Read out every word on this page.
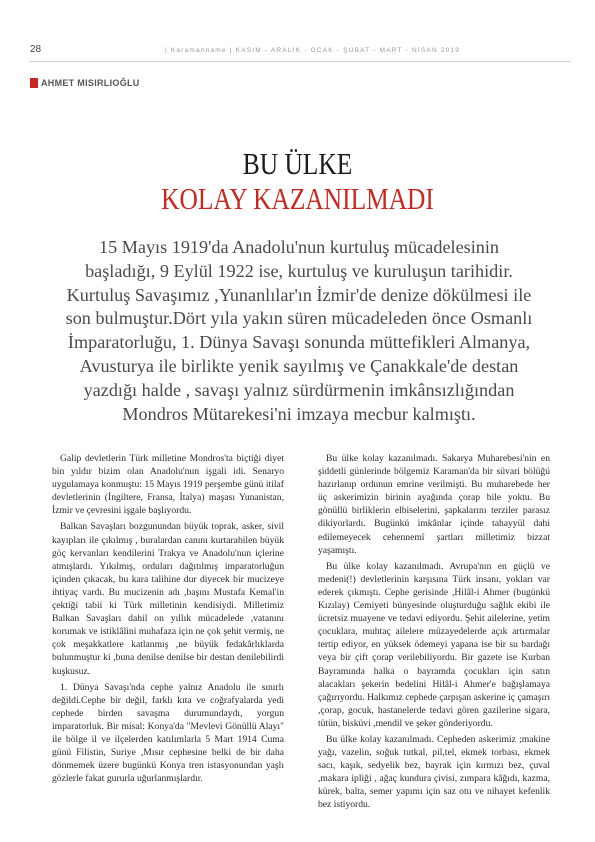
28	| Karamanname | KASIM - ARALIK - OCAK - ŞUBAT - MART - NİSAN 2019
AHMET MISIRLIOĞLU
BU ÜLKE
KOLAY KAZANILMADI

15 Mayıs 1919'da Anadolu'nun kurtuluş mücadelesinin
başladığı, 9 Eylül 1922 ise, kurtuluş ve kuruluşun tarihidir.
Kurtuluş Savaşımız ,Yunanlılar'ın İzmir'de denize dökülmesi ile
son bulmuştur.Dört yıla yakın süren mücadeleden önce Osmanlı
İmparatorluğu, 1. Dünya Savaşı sonunda müttefikleri Almanya,
Avusturya ile birlikte yenik sayılmış ve Çanakkale'de destan
yazdığı halde , savaşı yalnız sürdürmenin imkânsızlığından
Mondros Mütarekesi'ni imzaya mecbur kalmıştı.

Galip devletlerin Türk milletine Mondros'ta biçtiği diyet bin yıldır bizim olan Anadolu'nun işgali idi. Senaryo uygulamaya konmuştu: 15 Mayıs 1919 perşembe günü itilaf devletlerinin (İngiltere, Fransa, İtalya) maşası Yunanistan, İzmir ve çevresini işgale başlıyordu.

Balkan Savaşları bozgunundan büyük toprak, asker, sivil kayıpları ile çıkılmış , buralardan canını kurtarabilen büyük göç kervanları kendilerini Trakya ve Anadolu'nun içlerine atmışlardı. Yıkılmış, orduları dağıtılmış imparatorluğun içinden çıkacak, bu kara talihine dur diyecek bir mucizeye ihtiyaç vardı. Bu mucizenin adı ,başını Mustafa Kemal'in çektiği tabii ki Türk milletinin kendisiydi. Milletimiz Balkan Savaşları dahil on yıllık mücadelede ,vatanını korumak ve istiklâlini muhafaza için ne çok şehit vermiş, ne çok meşakkatlere katlanmış ,ne büyük fedakârlıklarda bulunmuştur ki ,buna denilse denilse bir destan denilebilirdi kuşkusuz.

1. Dünya Savaşı'nda cephe yalnız Anadolu ile sınırlı değildi.Cephe bir değil, farklı kıta ve coğrafyalarda yedi cephede birden savaşma durumundaydı, yorgun imparatorluk. Bir misal: Konya'da "Mevlevi Gönüllü Alayı" ile bölge il ve ilçelerden katılımlarla 5 Mart 1914 Cuma günü Filistin, Suriye ,Mısır cephesine belki de bir daha dönmemek üzere bugünkü Konya tren istasyonundan yaşlı gözlerle fakat gururla uğurlanmışlardır.

Bu ülke kolay kazanılmadı. Sakarya Muharebesi'nin en şiddetli günlerinde bölgemiz Karaman'da bir süvari bölüğü hazırlanıp ordunun emrine verilmişti. Bu muharebede her üç askerimizin birinin ayağında çorap bile yoktu. Bu gönüllü birliklerin elbiselerini, şapkalarını terziler parasız dikiyorlardı. Bugünkü imkânlar içinde tahayyül dahi edilemeyecek cehennemî şartları milletimiz bizzat yaşamıştı.

Bu ülke kolay kazanılmadı. Avrupa'nın en güçlü ve medeni(!) devletlerinin karşısına Türk insanı, yokları var ederek çıkmıştı. Cephe gerisinde ,Hilâl-i Ahmer (bugünkü Kızılay) Cemiyeti bünyesinde oluşturduğu sağlık ekibi ile ücretsiz muayene ve tedavi ediyordu. Şehit ailelerine, yetim çocuklara, muhtaç ailelere müzayedelerde açık artırmalar tertip ediyor, en yüksek ödemeyi yapana ise bir su bardağı veya bir çift çorap verilebiliyordu. Bir gazete ise Kurban Bayramında halka o bayramda çocukları için satın alacakları şekerin bedelini Hilâl-i Ahmer'e bağışlamaya çağırıyordu. Halkımız cephede çarpışan askerine iç çamaşırı ,çorap, gocuk, hastanelerde tedavi gören gazilerine sigara, tütün, bisküvi ,mendil ve şeker gönderiyordu.

Bu ülke kolay kazanılmadı. Cepheden askerimiz ;makine yağı, vazelin, soğuk tutkal, pil,tel, ekmek torbası, ekmek sacı, kaşık, sedyelik bez, bayrak için kırmızı bez, çuval ,makara ipliği , ağaç kundura çivisi, zımpara kâğıdı, kazma, kürek, balta, semer yapımı için saz otu ve nihayet kefenlik bez istiyordu.
